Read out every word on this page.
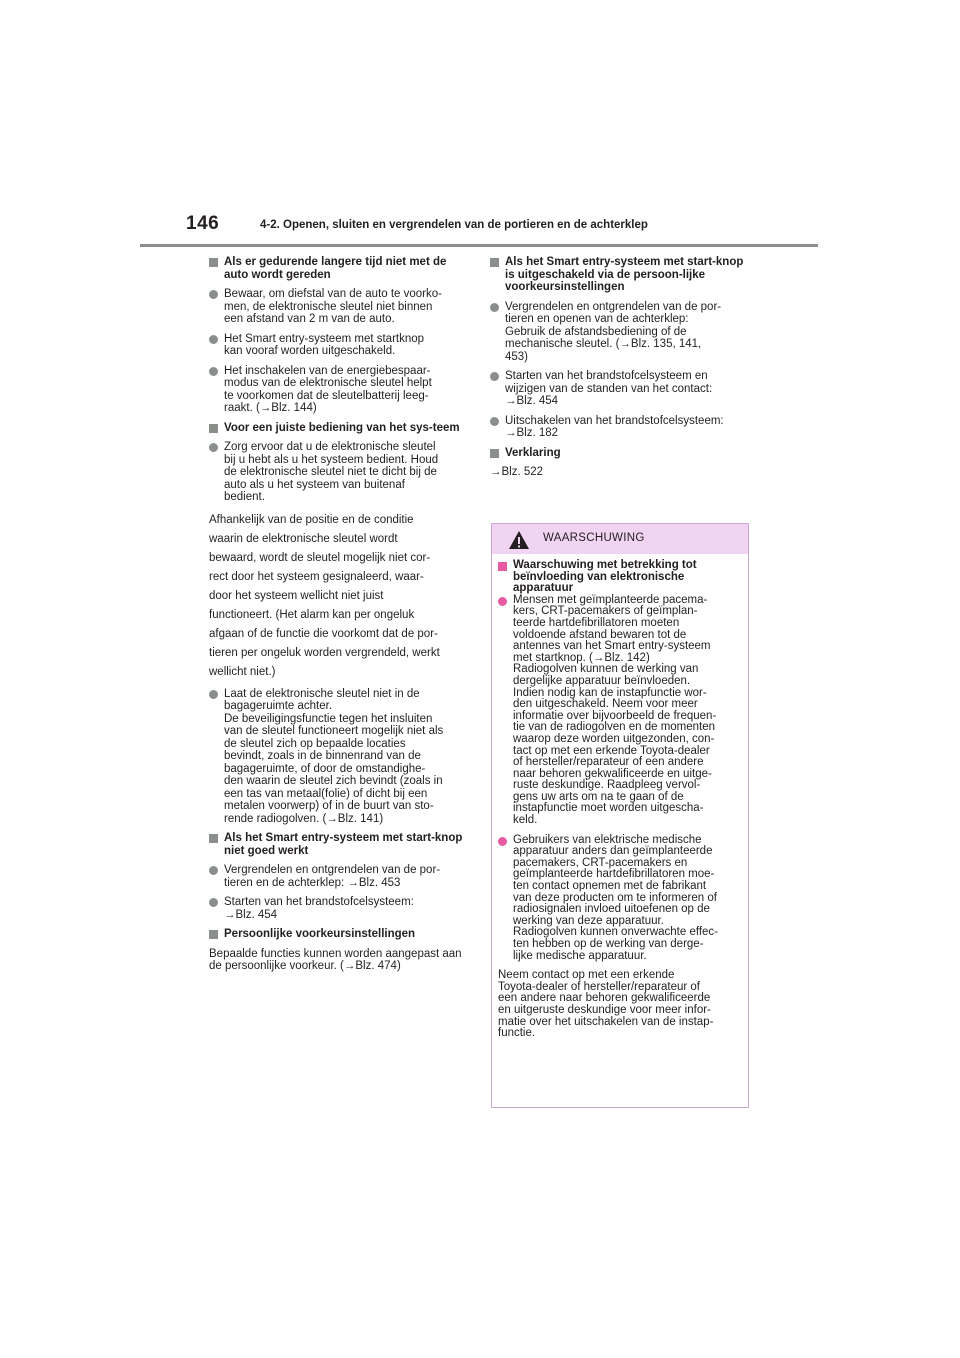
146	4-2. Openen, sluiten en vergrendelen van de portieren en de achterklep
Als er gedurende langere tijd niet met de auto wordt gereden
Bewaar, om diefstal van de auto te voorko-
men, de elektronische sleutel niet binnen
een afstand van 2 m van de auto.
Het Smart entry-systeem met startknop
kan vooraf worden uitgeschakeld.
Het inschakelen van de energiebespaar-
modus van de elektronische sleutel helpt
te voorkomen dat de sleutelbatterij leeg-
raakt. (→Blz. 144)
Voor een juiste bediening van het sys-teem
Zorg ervoor dat u de elektronische sleutel
bij u hebt als u het systeem bedient. Houd
de elektronische sleutel niet te dicht bij de
auto als u het systeem van buitenaf
bedient.
Afhankelijk van de positie en de conditie
waarin de elektronische sleutel wordt
bewaard, wordt de sleutel mogelijk niet cor-
rect door het systeem gesignaleerd, waar-
door het systeem wellicht niet juist
functioneert. (Het alarm kan per ongeluk
afgaan of de functie die voorkomt dat de por-
tieren per ongeluk worden vergrendeld, werkt
wellicht niet.)
Laat de elektronische sleutel niet in de
bagageruimte achter.
De beveiligingsfunctie tegen het insluiten
van de sleutel functioneert mogelijk niet als
de sleutel zich op bepaalde locaties
bevindt, zoals in de binnenrand van de
bagageruimte, of door de omstandighe-
den waarin de sleutel zich bevindt (zoals in
een tas van metaal(folie) of dicht bij een
metalen voorwerp) of in de buurt van sto-
rende radiogolven. (→Blz. 141)
Als het Smart entry-systeem met start-knop niet goed werkt
Vergrendelen en ontgrendelen van de por-
tieren en de achterklep: →Blz. 453
Starten van het brandstofcelsysteem:
→Blz. 454
Persoonlijke voorkeursinstellingen
Bepaalde functies kunnen worden aangepast aan de persoonlijke voorkeur. (→Blz. 474)
Als het Smart entry-systeem met start-knop is uitgeschakeld via de persoon-lijke voorkeursinstellingen
Vergrendelen en ontgrendelen van de por-
tieren en openen van de achterklep:
Gebruik de afstandsbediening of de
mechanische sleutel. (→Blz. 135, 141,
453)
Starten van het brandstofcelsysteem en
wijzigen van de standen van het contact:
→Blz. 454
Uitschakelen van het brandstofcelsysteem:
→Blz. 182
Verklaring
→Blz. 522
WAARSCHUWING
Waarschuwing met betrekking tot beïnvloeding van elektronische apparatuur
Mensen met geïmplanteerde pacema-
kers, CRT-pacemakers of geïmplan-
teerde hartdefibrillatoren moeten
voldoende afstand bewaren tot de
antennes van het Smart entry-systeem
met startknop. (→Blz. 142)
Radiogolven kunnen de werking van
dergelijke apparatuur beïnvloeden.
Indien nodig kan de instapfunctie wor-
den uitgeschakeld. Neem voor meer
informatie over bijvoorbeeld de frequen-
tie van de radiogolven en de momenten
waarop deze worden uitgezonden, con-
tact op met een erkende Toyota-dealer
of hersteller/reparateur of een andere
naar behoren gekwalificeerde en uitge-
ruste deskundige. Raadpleeg vervol-
gens uw arts om na te gaan of de
instapfunctie moet worden uitgescha-
keld.
Gebruikers van elektrische medische
apparatuur anders dan geïmplanteerde
pacemakers, CRT-pacemakers en
geïmplanteerde hartdefibrillatoren moe-
ten contact opnemen met de fabrikant
van deze producten om te informeren of
radiosignalen invloed uitoefenen op de
werking van deze apparatuur.
Radiogolven kunnen onverwachte effec-
ten hebben op de werking van derge-
lijke medische apparatuur.
Neem contact op met een erkende
Toyota-dealer of hersteller/reparateur of
een andere naar behoren gekwalificeerde
en uitgeruste deskundige voor meer infor-
matie over het uitschakelen van de instap-
functie.
